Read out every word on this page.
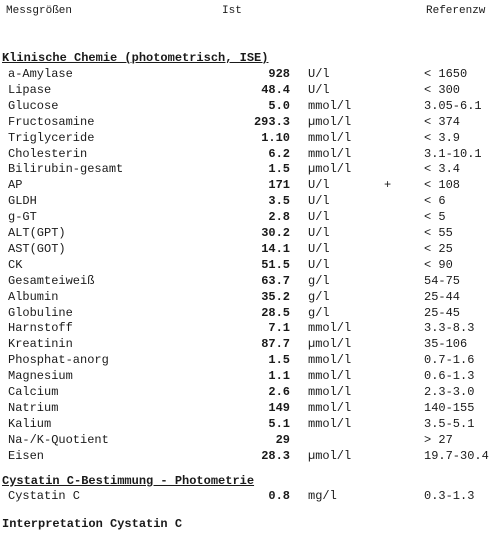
Messgrößen	Ist	Referenzw
Klinische Chemie (photometrisch, ISE)
a-Amylase	928 U/l	< 1650
Lipase	48.4 U/l	< 300
Glucose	5.0 mmol/l	3.05-6.1
Fructosamine	293.3 µmol/l	< 374
Triglyceride	1.10 mmol/l	< 3.9
Cholesterin	6.2 mmol/l	3.1-10.1
Bilirubin-gesamt	1.5 µmol/l	< 3.4
AP	171 U/l	+	< 108
GLDH	3.5 U/l	< 6
g-GT	2.8 U/l	< 5
ALT(GPT)	30.2 U/l	< 55
AST(GOT)	14.1 U/l	< 25
CK	51.5 U/l	< 90
Gesamteiweiß	63.7 g/l	54-75
Albumin	35.2 g/l	25-44
Globuline	28.5 g/l	25-45
Harnstoff	7.1 mmol/l	3.3-8.3
Kreatinin	87.7 µmol/l	35-106
Phosphat-anorg	1.5 mmol/l	0.7-1.6
Magnesium	1.1 mmol/l	0.6-1.3
Calcium	2.6 mmol/l	2.3-3.0
Natrium	149 mmol/l	140-155
Kalium	5.1 mmol/l	3.5-5.1
Na-/K-Quotient	29	> 27
Eisen	28.3 µmol/l	19.7-30.4
Cystatin C-Bestimmung - Photometrie
Cystatin C	0.8 mg/l	0.3-1.3
Interpretation Cystatin C
